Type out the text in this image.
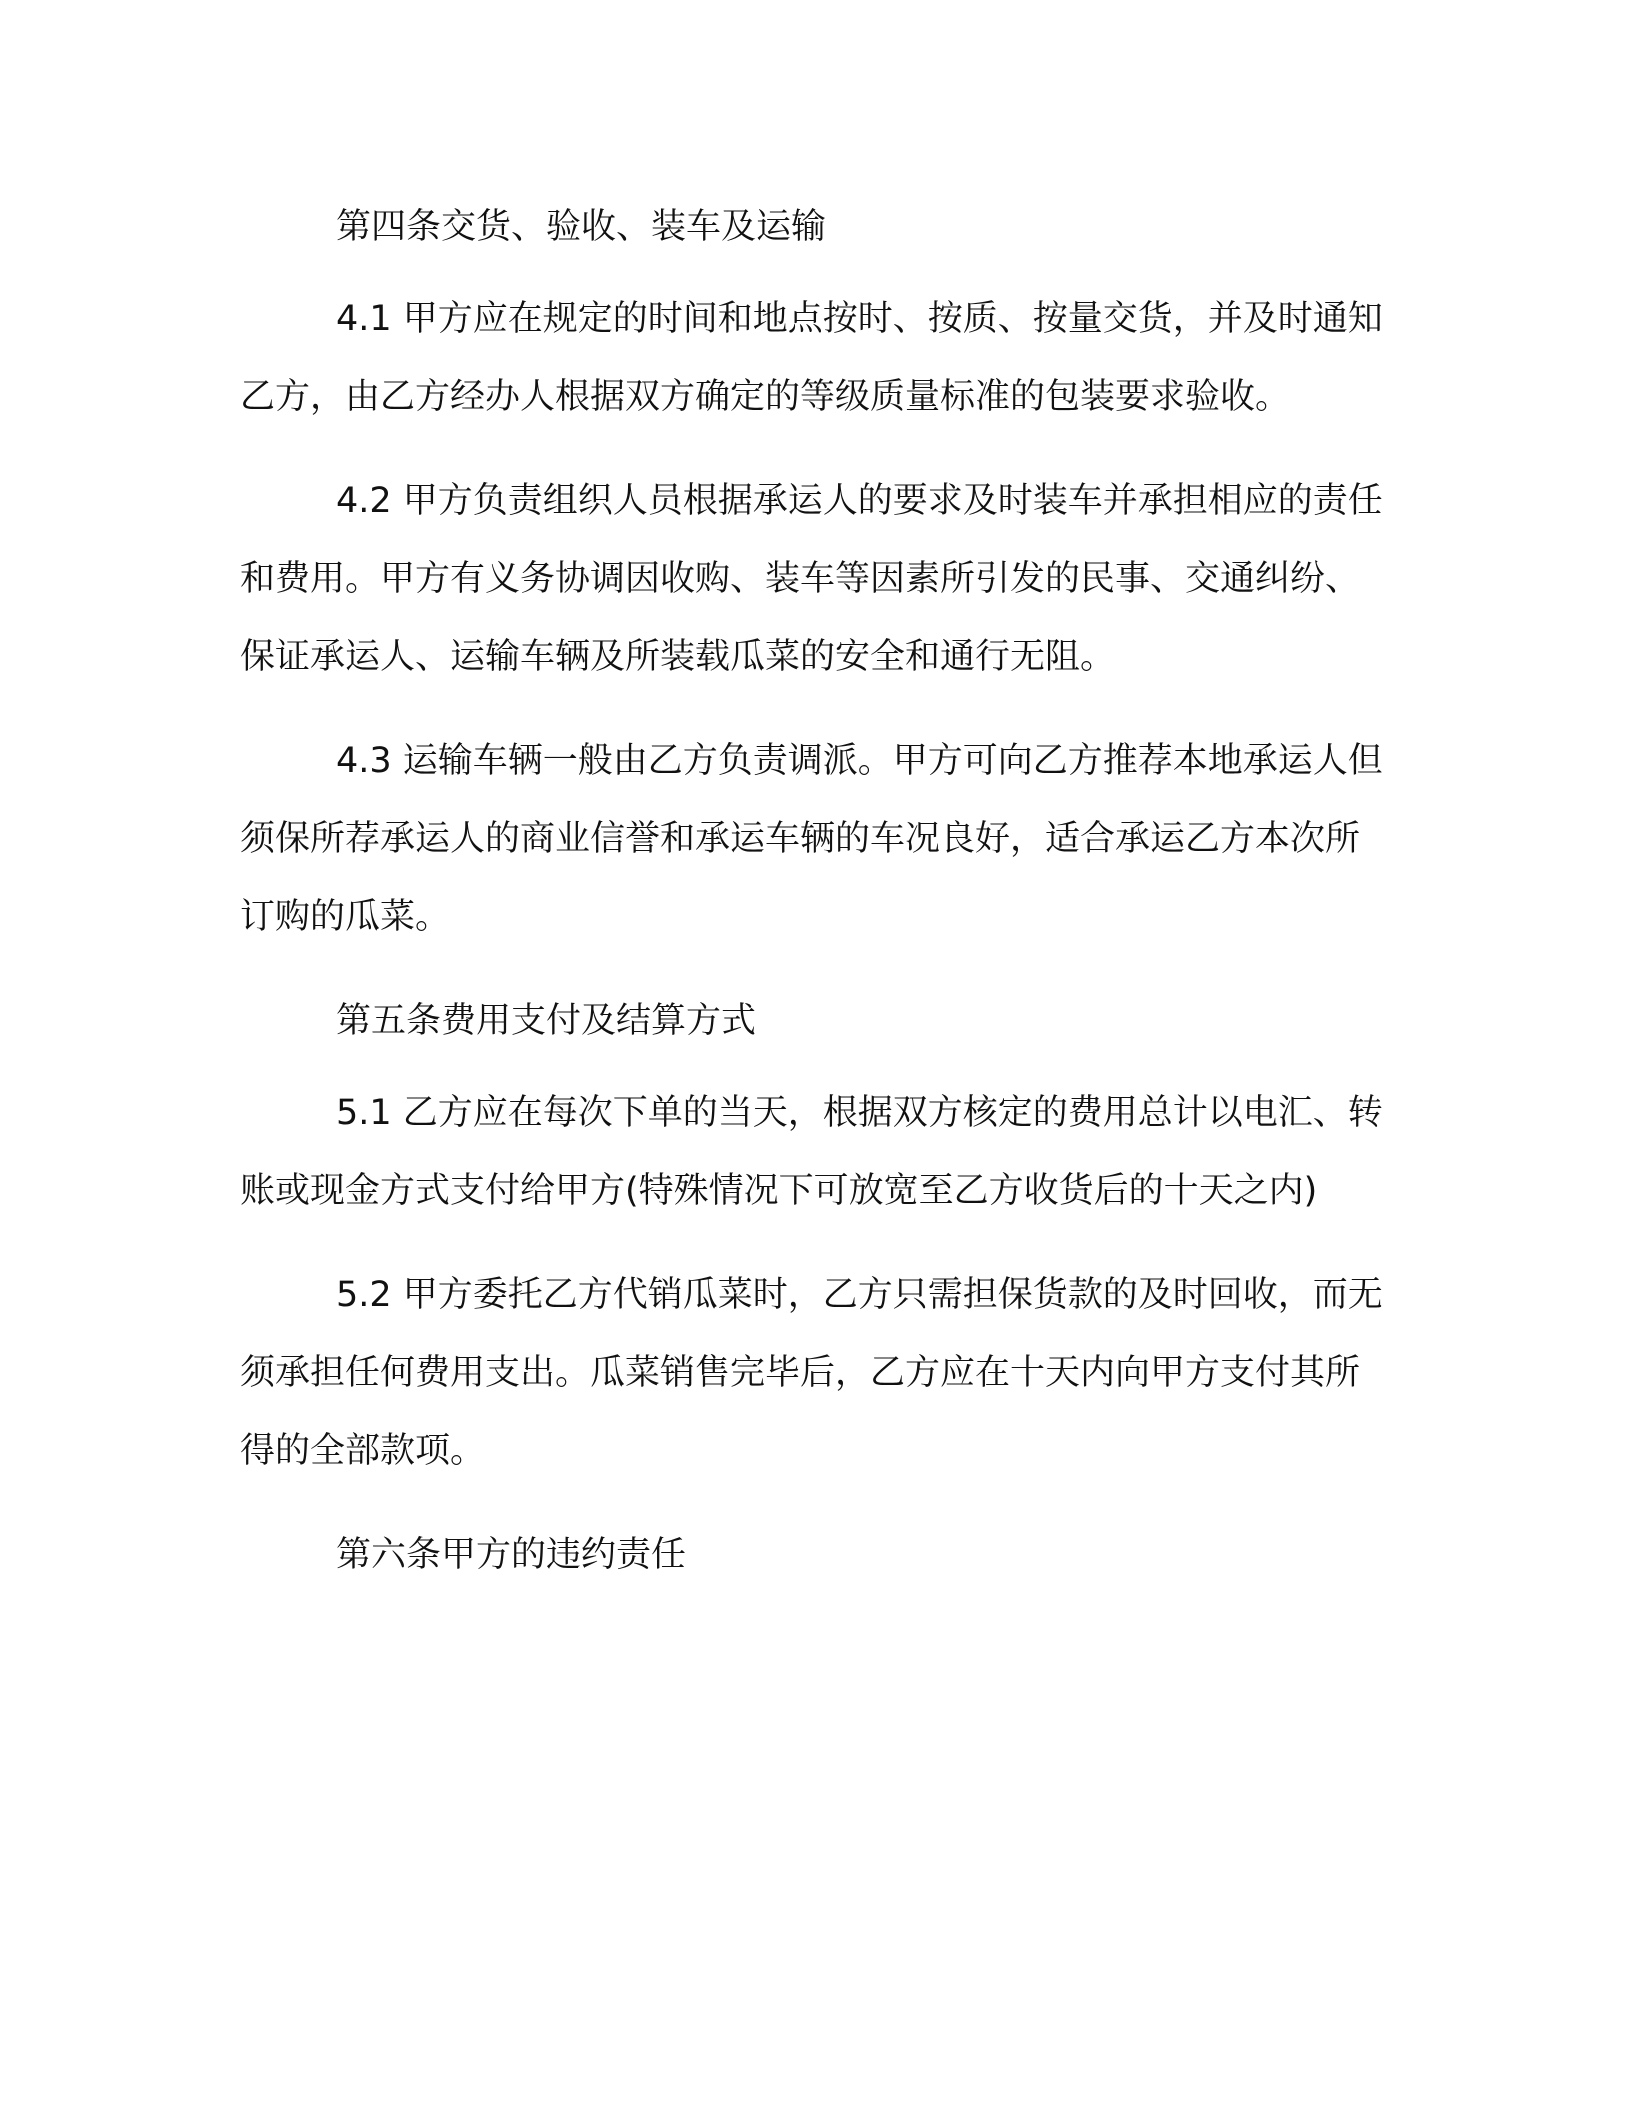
第四条交货、验收、装车及运输

4.1 甲方应在规定的时间和地点按时、按质、按量交货，并及时通知乙方，由乙方经办人根据双方确定的等级质量标准的包装要求验收。

4.2 甲方负责组织人员根据承运人的要求及时装车并承担相应的责任和费用。甲方有义务协调因收购、装车等因素所引发的民事、交通纠纷、保证承运人、运输车辆及所装载瓜菜的安全和通行无阻。

4.3 运输车辆一般由乙方负责调派。甲方可向乙方推荐本地承运人但须保所荐承运人的商业信誉和承运车辆的车况良好，适合承运乙方本次所订购的瓜菜。

第五条费用支付及结算方式

5.1 乙方应在每次下单的当天，根据双方核定的费用总计以电汇、转账或现金方式支付给甲方(特殊情况下可放宽至乙方收货后的十天之内)

5.2 甲方委托乙方代销瓜菜时，乙方只需担保货款的及时回收，而无须承担任何费用支出。瓜菜销售完毕后，乙方应在十天内向甲方支付其所得的全部款项。

第六条甲方的违约责任
